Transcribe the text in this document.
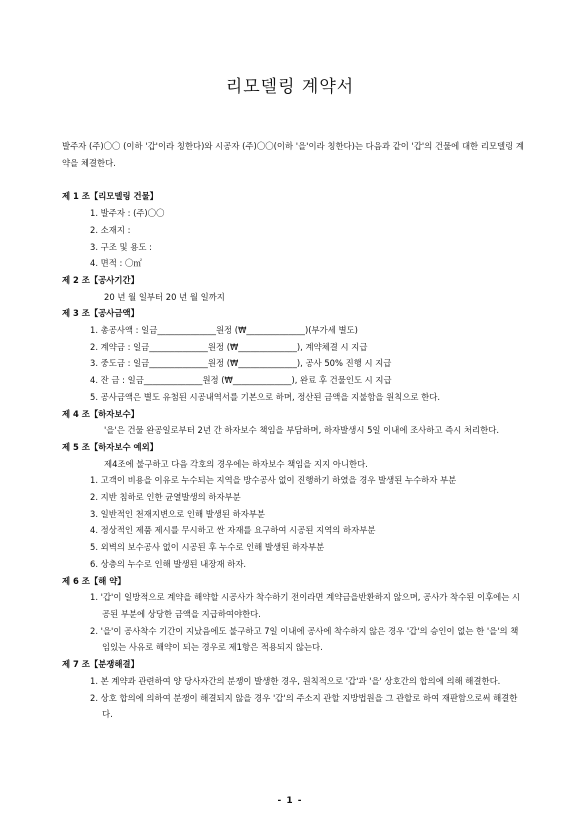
리모델링 계약서

발주자 (주)〇〇 (이하 '갑'이라 칭한다)와 시공자 (주)〇〇(이하 '을'이라 칭한다)는 다음과 같이 '갑'의 건물에 대한 리모델링 계약을 체결한다.

제 1 조【리모델링 건물】
1. 발주자 : (주)〇〇
2. 소재지 :
3. 구조 및 용도 :
4. 면적 : 〇㎡
제 2 조【공사기간】
20 년 월 일부터 20 년 월 일까지
제 3 조【공사금액】
1. 총공사액 : 일금______________원정 (₩______________)(부가세 별도)
2. 계약금 : 일금______________원정 (₩______________), 계약체결 시 지급
3. 중도금 : 일금______________원정 (₩______________), 공사 50% 진행 시 지급
4. 잔 금 : 일금______________원정 (₩______________), 완료 후 건물인도 시 지급
5. 공사금액은 별도 유첨된 시공내역서를 기본으로 하며, 정산된 금액을 지불함을 원칙으로 한다.
제 4 조【하자보수】
'을'은 건물 완공일로부터 2년 간 하자보수 책임을 부담하며, 하자발생시 5일 이내에 조사하고 즉시 처리한다.
제 5 조【하자보수 예외】
제4조에 불구하고 다음 각호의 경우에는 하자보수 책임을 지지 아니한다.
1. 고객이 비용을 이유로 누수되는 지역을 방수공사 없이 진행하기 하였을 경우 발생된 누수하자 부분
2. 지반 침하로 인한 균열발생의 하자부분
3. 일반적인 천재지변으로 인해 발생된 하자부분
4. 정상적인 제품 제시를 무시하고 싼 자재를 요구하여 시공된 지역의 하자부분
5. 외벽의 보수공사 없이 시공된 후 누수로 인해 발생된 하자부분
6. 상층의 누수로 인해 발생된 내장재 하자.
제 6 조【해 약】
1. '갑'이 일방적으로 계약을 해약할 시공사가 착수하기 전이라면 계약금을반환하지 않으며, 공사가 착수된 이후에는 시공된 부분에 상당한 금액을 지급하여야한다.
2. '을'이 공사착수 기간이 지났음에도 불구하고 7일 이내에 공사에 착수하지 않은 경우 '갑'의 승인이 없는 한 '을'의 책임있는 사유로 해약이 되는 경우로 제1항은 적용되지 않는다.
제 7 조【분쟁해결】
1. 본 계약과 관련하여 양 당사자간의 분쟁이 발생한 경우, 원칙적으로 '갑'과 '을' 상호간의 합의에 의해 해결한다.
2. 상호 합의에 의하여 분쟁이 해결되지 않을 경우 '갑'의 주소지 관할 지방법원을 그 관할로 하여 재판함으로써 해결한다.
- 1 -
